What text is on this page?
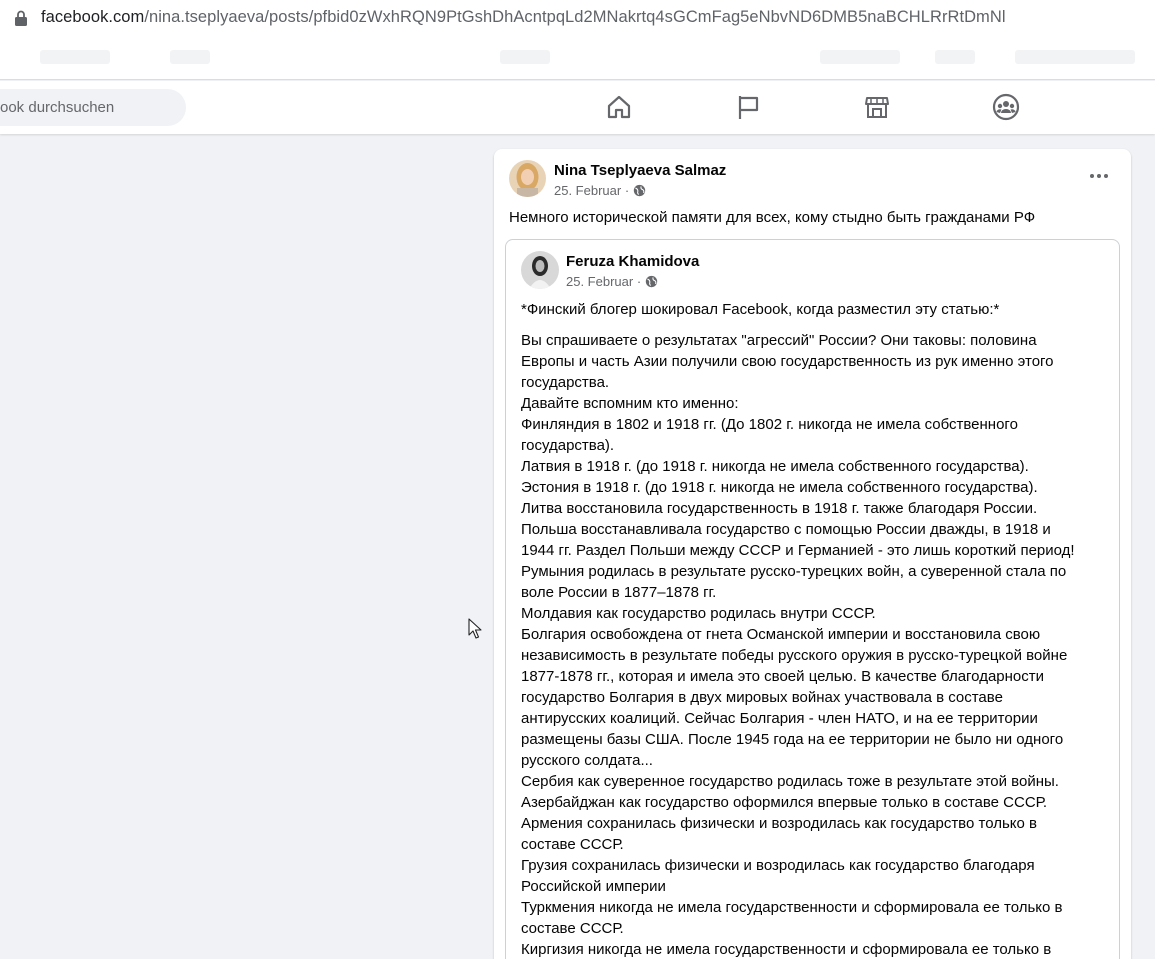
facebook.com/nina.tseplyaeva/posts/pfbid0zWxhRQN9PtGshDhAcntpqLd2MNakrtq4sGCmFag5eNbvND6DMB5naBCHLRrRtDmNl
ook durchsuchen
Nina Tseplyaeva Salmaz
25. Februar ·
Немного исторической памяти для всех, кому стыдно быть гражданами РФ
Feruza Khamidova
25. Februar ·
*Финский блогер шокировал Facebook, когда разместил эту статью:*

Вы спрашиваете о результатах "агрессий" России? Они таковы: половина

Европы и часть Азии получили свою государственность из рук именно этого

государства.

Давайте вспомним кто именно:

Финляндия в 1802 и 1918 гг. (До 1802 г. никогда не имела собственного

государства).

Латвия в 1918 г. (до 1918 г. никогда не имела собственного государства).

Эстония в 1918 г. (до 1918 г. никогда не имела собственного государства).

Литва восстановила государственность в 1918 г. также благодаря России.

Польша восстанавливала государство с помощью России дважды, в 1918 и

1944 гг. Раздел Польши между СССР и Германией - это лишь короткий период!

Румыния родилась в результате русско-турецких войн, а суверенной стала по

воле России в 1877–1878 гг.

Молдавия как государство родилась внутри СССР.

Болгария освобождена от гнета Османской империи и восстановила свою

независимость в результате победы русского оружия в русско-турецкой войне

1877-1878 гг., которая и имела это своей целью. В качестве благодарности

государство Болгария в двух мировых войнах участвовала в составе

антирусских коалиций. Сейчас Болгария - член НАТО, и на ее территории

размещены базы США. После 1945 года на ее территории не было ни одного

русского солдата...

Сербия как суверенное государство родилась тоже в результате этой войны.

Азербайджан как государство оформился впервые только в составе СССР.

Армения сохранилась физически и возродилась как государство только в

составе СССР.

Грузия сохранилась физически и возродилась как государство благодаря

Российской империи

Туркмения никогда не имела государственности и сформировала ее только в

составе СССР.

Киргизия никогда не имела государственности и сформировала ее только в
